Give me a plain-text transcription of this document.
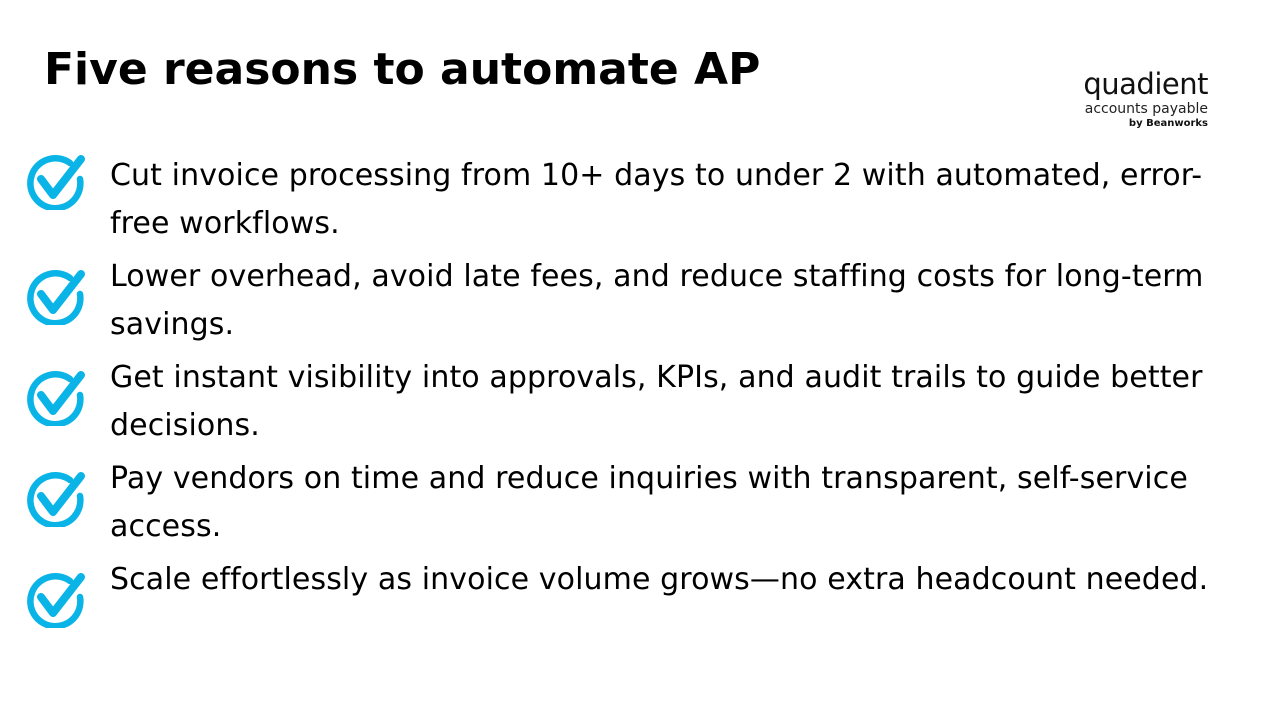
Five reasons to automate AP	quadient
accounts payable
by Beanworks
Cut invoice processing from 10+ days to under 2 with automated, error-free workflows.
Lower overhead, avoid late fees, and reduce staffing costs for long-term savings.
Get instant visibility into approvals, KPIs, and audit trails to guide better decisions.
Pay vendors on time and reduce inquiries with transparent, self-service access.
Scale effortlessly as invoice volume grows—no extra headcount needed.
